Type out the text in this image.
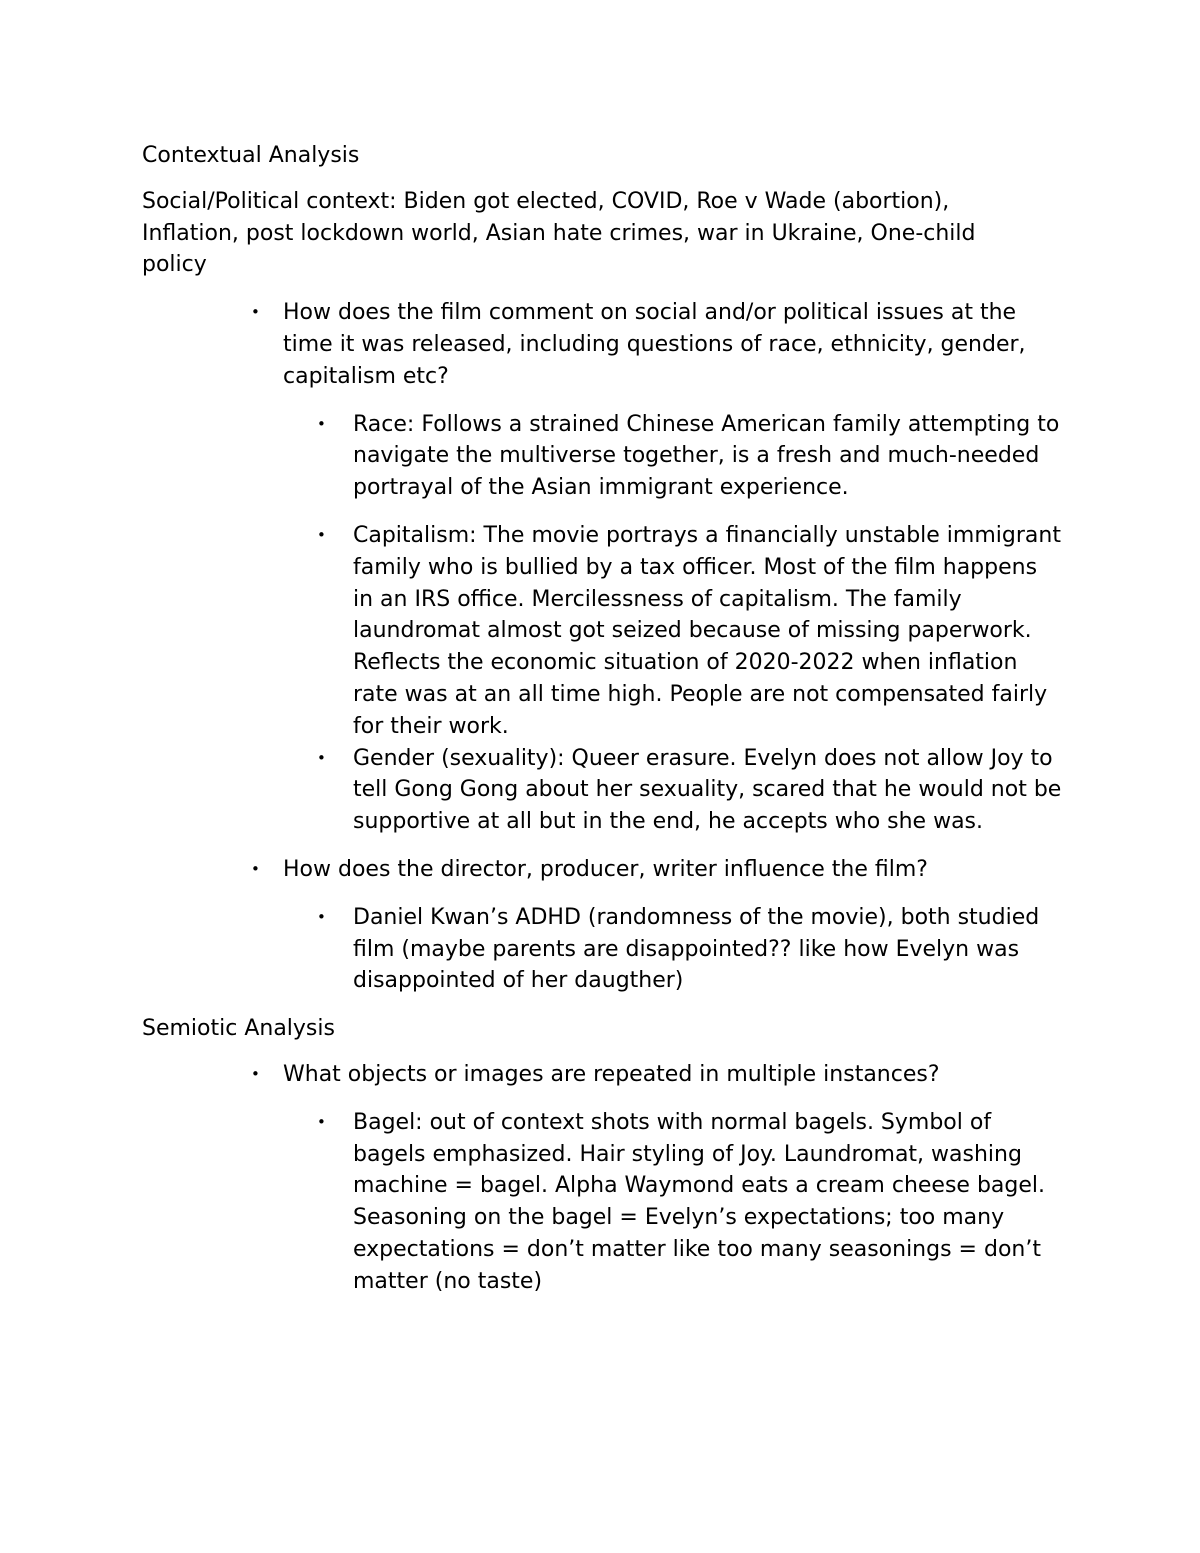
Contextual Analysis

Social/Political context: Biden got elected, COVID, Roe v Wade (abortion), Inflation, post lockdown world, Asian hate crimes, war in Ukraine, One-child policy

• How does the film comment on social and/or political issues at the time it was released, including questions of race, ethnicity, gender, capitalism etc?
• Race: Follows a strained Chinese American family attempting to navigate the multiverse together, is a fresh and much-needed portrayal of the Asian immigrant experience.
• Capitalism: The movie portrays a financially unstable immigrant family who is bullied by a tax officer. Most of the film happens in an IRS office. Mercilessness of capitalism. The family laundromat almost got seized because of missing paperwork. Reflects the economic situation of 2020-2022 when inflation rate was at an all time high. People are not compensated fairly for their work.
• Gender (sexuality): Queer erasure. Evelyn does not allow Joy to tell Gong Gong about her sexuality, scared that he would not be supportive at all but in the end, he accepts who she was.
• How does the director, producer, writer influence the film?
• Daniel Kwan’s ADHD (randomness of the movie), both studied film (maybe parents are disappointed?? like how Evelyn was disappointed of her daugther)

Semiotic Analysis

• What objects or images are repeated in multiple instances?
• Bagel: out of context shots with normal bagels. Symbol of bagels emphasized. Hair styling of Joy. Laundromat, washing machine = bagel. Alpha Waymond eats a cream cheese bagel. Seasoning on the bagel = Evelyn’s expectations; too many expectations = don’t matter like too many seasonings = don’t matter (no taste)
